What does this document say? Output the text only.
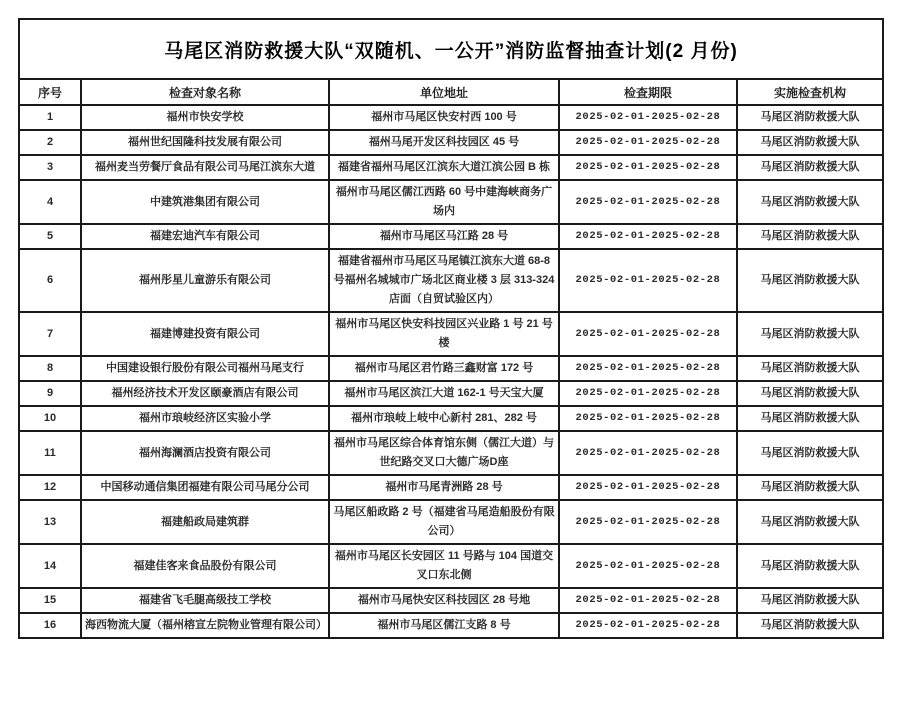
马尾区消防救援大队“双随机、一公开”消防监督抽查计划(2 月份)				
序号	检查对象名称	单位地址	检查期限	实施检查机构
1	福州市快安学校	福州市马尾区快安村西 100 号	2025-02-01-2025-02-28	马尾区消防救援大队
2	福州世纪国隆科技发展有限公司	福州马尾开发区科技园区 45 号	2025-02-01-2025-02-28	马尾区消防救援大队
3	福州麦当劳餐厅食品有限公司马尾江滨东大道	福建省福州马尾区江滨东大道江滨公园 B 栋	2025-02-01-2025-02-28	马尾区消防救援大队
4	中建筑港集团有限公司	福州市马尾区儒江西路 60 号中建海峡商务广场内	2025-02-01-2025-02-28	马尾区消防救援大队
5	福建宏迪汽车有限公司	福州市马尾区马江路 28 号	2025-02-01-2025-02-28	马尾区消防救援大队
6	福州彤星儿童游乐有限公司	福建省福州市马尾区马尾镇江滨东大道 68-8 号福州名城城市广场北区商业楼 3 层 313-324 店面（自贸试验区内）	2025-02-01-2025-02-28	马尾区消防救援大队
7	福建博建投资有限公司	福州市马尾区快安科技园区兴业路 1 号 21 号楼	2025-02-01-2025-02-28	马尾区消防救援大队
8	中国建设银行股份有限公司福州马尾支行	福州市马尾区君竹路三鑫财富 172 号	2025-02-01-2025-02-28	马尾区消防救援大队
9	福州经济技术开发区颐豪酒店有限公司	福州市马尾区滨江大道 162-1 号天宝大厦	2025-02-01-2025-02-28	马尾区消防救援大队
10	福州市琅岐经济区实验小学	福州市琅岐上岐中心新村 281、282 号	2025-02-01-2025-02-28	马尾区消防救援大队
11	福州海澜酒店投资有限公司	福州市马尾区综合体育馆东侧（儒江大道）与世纪路交叉口大德广场D座	2025-02-01-2025-02-28	马尾区消防救援大队
12	中国移动通信集团福建有限公司马尾分公司	福州市马尾青洲路 28 号	2025-02-01-2025-02-28	马尾区消防救援大队
13	福建船政局建筑群	马尾区船政路 2 号（福建省马尾造船股份有限公司）	2025-02-01-2025-02-28	马尾区消防救援大队
14	福建佳客来食品股份有限公司	福州市马尾区长安园区 11 号路与 104 国道交叉口东北侧	2025-02-01-2025-02-28	马尾区消防救援大队
15	福建省飞毛腿高级技工学校	福州市马尾快安区科技园区 28 号地	2025-02-01-2025-02-28	马尾区消防救援大队
16	海西物流大厦（福州榕宣左院物业管理有限公司）	福州市马尾区儒江支路 8 号	2025-02-01-2025-02-28	马尾区消防救援大队
